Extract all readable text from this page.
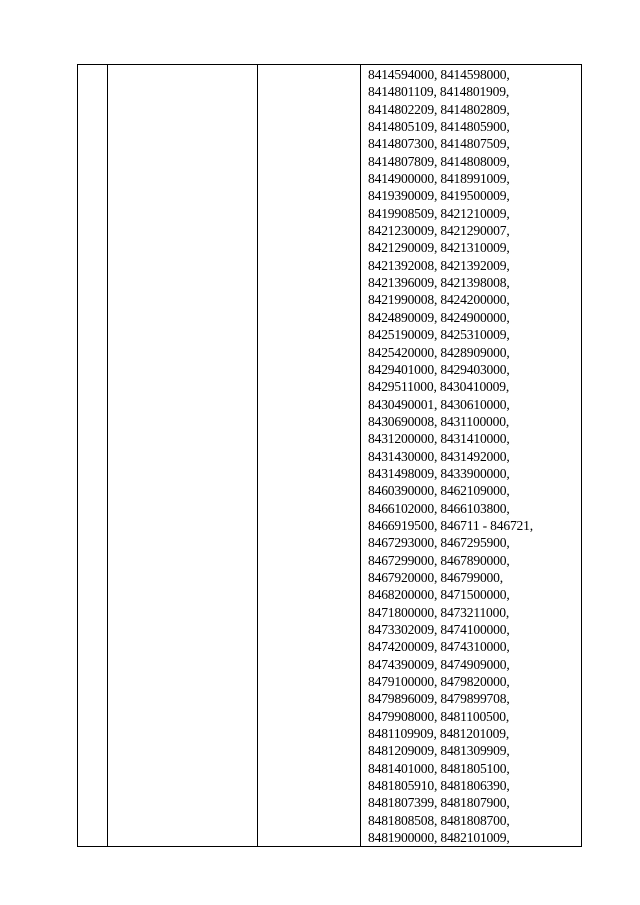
8414594000, 8414598000,
8414801109, 8414801909,
8414802209, 8414802809,
8414805109, 8414805900,
8414807300, 8414807509,
8414807809, 8414808009,
8414900000, 8418991009,
8419390009, 8419500009,
8419908509, 8421210009,
8421230009, 8421290007,
8421290009, 8421310009,
8421392008, 8421392009,
8421396009, 8421398008,
8421990008, 8424200000,
8424890009, 8424900000,
8425190009, 8425310009,
8425420000, 8428909000,
8429401000, 8429403000,
8429511000, 8430410009,
8430490001, 8430610000,
8430690008, 8431100000,
8431200000, 8431410000,
8431430000, 8431492000,
8431498009, 8433900000,
8460390000, 8462109000,
8466102000, 8466103800,
8466919500, 846711 - 846721,
8467293000, 8467295900,
8467299000, 8467890000,
8467920000, 846799000,
8468200000, 8471500000,
8471800000, 8473211000,
8473302009, 8474100000,
8474200009, 8474310000,
8474390009, 8474909000,
8479100000, 8479820000,
8479896009, 8479899708,
8479908000, 8481100500,
8481109909, 8481201009,
8481209009, 8481309909,
8481401000, 8481805100,
8481805910, 8481806390,
8481807399, 8481807900,
8481808508, 8481808700,
8481900000, 8482101009,
